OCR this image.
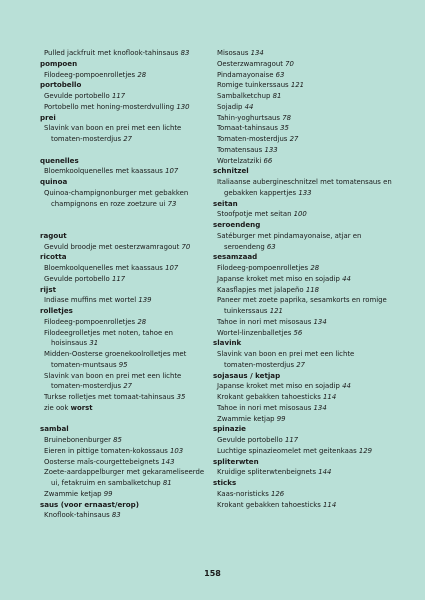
Pulled jackfruit met knoflook-tahinsaus 83
pompoen
Filodeeg-pompoenrolletjes 28
portobello
Gevulde portobello 117
Portobello met honing-mosterdvulling 130
prei
Slavink van boon en prei met een lichte
tomaten-mosterdjus 27
quenelles
Bloemkoolquenelles met kaassaus 107
quinoa
Quinoa-champignonburger met gebakken
champignons en roze zoetzure ui 73
ragout
Gevuld broodje met oesterzwamragout 70
ricotta
Bloemkoolquenelles met kaassaus 107
Gevulde portobello 117
rijst
Indiase muffins met wortel 139
rolletjes
Filodeeg-pompoenrolletjes 28
Filodeegrolletjes met noten, tahoe en
hoisinsaus 31
Midden-Oosterse groenekoolrolletjes met
tomaten-muntsaus 95
Slavink van boon en prei met een lichte
tomaten-mosterdjus 27
Turkse rolletjes met tomaat-tahinsaus 35
zie ook worst
sambal
Bruinebonenburger 85
Eieren in pittige tomaten-kokossaus 103
Oosterse maïs-courgettebeignets 143
Zoete-aardappelburger met gekarameliseerde
ui, fetakruim en sambalketchup 81
Zwammie ketjap 99
saus (voor ernaast/erop)
Knoflook-tahinsaus 83
Misosaus 134
Oesterzwamragout 70
Pindamayonaise 63
Romige tuinkerssaus 121
Sambalketchup 81
Sojadip 44
Tahin-yoghurtsaus 78
Tomaat-tahinsaus 35
Tomaten-mosterdjus 27
Tomatensaus 133
Wortelzatziki 66
schnitzel
Italiaanse auberginesch​nitzel met tomatensaus en
gebakken kappertjes 133
seitan
Stoofpotje met seitan 100
seroendeng
Satéburger met pindamayonaise, atjar en
seroendeng 63
sesamzaad
Filodeeg-pompoenrolletjes 28
Japanse kroket met miso en sojadip 44
Kaasflapjes met jalapeño 118
Paneer met zoete paprika, sesamkorts en romige
tuinkerssaus 121
Tahoe in nori met misosaus 134
Wortel-linzenballetjes 56
slavink
Slavink van boon en prei met een lichte
tomaten-mosterdjus 27
sojasaus / ketjap
Japanse kroket met miso en sojadip 44
Krokant gebakken tahoesticks 114
Tahoe in nori met misosaus 134
Zwammie ketjap 99
spinazie
Gevulde portobello 117
Luchtige spinazieomelet met geitenkaas 129
spliterwten
Kruidige spliterwtenbeignets 144
sticks
Kaas-noristicks 126
Krokant gebakken tahoesticks 114
158
